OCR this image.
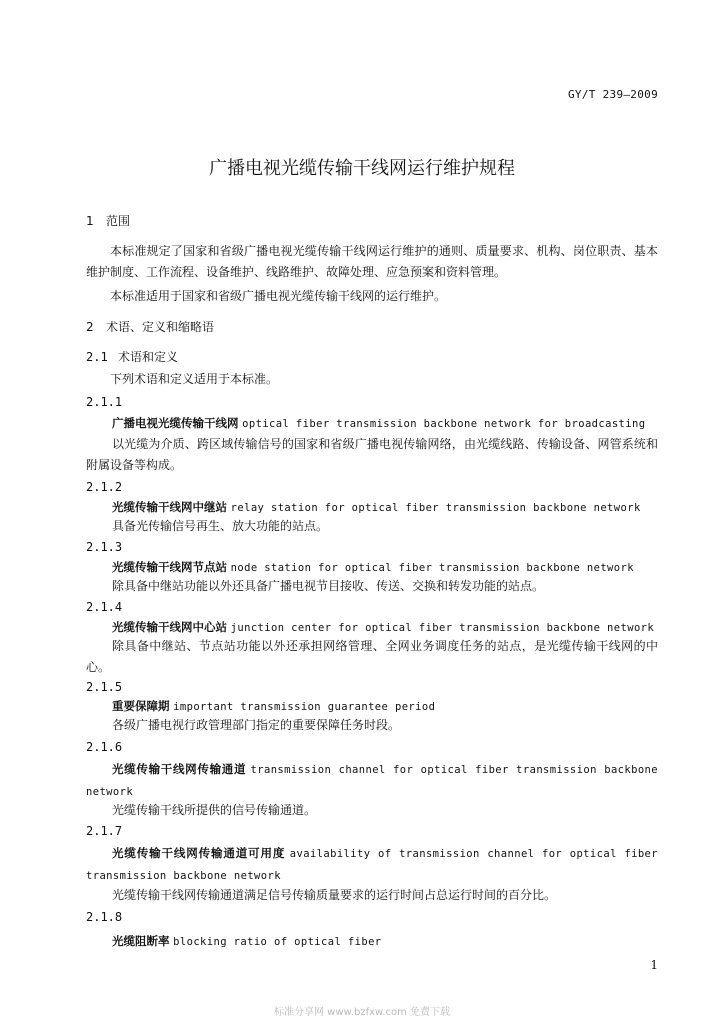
GY/T 239—2009
广播电视光缆传输干线网运行维护规程
1 范围
本标准规定了国家和省级广播电视光缆传输干线网运行维护的通则、质量要求、机构、岗位职责、基本维护制度、工作流程、设备维护、线路维护、故障处理、应急预案和资料管理。
本标准适用于国家和省级广播电视光缆传输干线网的运行维护。
2 术语、定义和缩略语
2.1 术语和定义
下列术语和定义适用于本标准。
2.1.1
广播电视光缆传输干线网 optical fiber transmission backbone network for broadcasting
以光缆为介质、跨区域传输信号的国家和省级广播电视传输网络，由光缆线路、传输设备、网管系统和附属设备等构成。
2.1.2
光缆传输干线网中继站 relay station for optical fiber transmission backbone network
具备光传输信号再生、放大功能的站点。
2.1.3
光缆传输干线网节点站 node station for optical fiber transmission backbone network
除具备中继站功能以外还具备广播电视节目接收、传送、交换和转发功能的站点。
2.1.4
光缆传输干线网中心站 junction center for optical fiber transmission backbone network
除具备中继站、节点站功能以外还承担网络管理、全网业务调度任务的站点，是光缆传输干线网的中心。
2.1.5
重要保障期 important transmission guarantee period
各级广播电视行政管理部门指定的重要保障任务时段。
2.1.6
光缆传输干线网传输通道 transmission channel for optical fiber transmission backbone network
光缆传输干线所提供的信号传输通道。
2.1.7
光缆传输干线网传输通道可用度 availability of transmission channel for optical fiber transmission backbone network
光缆传输干线网传输通道满足信号传输质量要求的运行时间占总运行时间的百分比。
2.1.8
光缆阻断率 blocking ratio of optical fiber
1
标准分享网 www.bzfxw.com 免费下载
